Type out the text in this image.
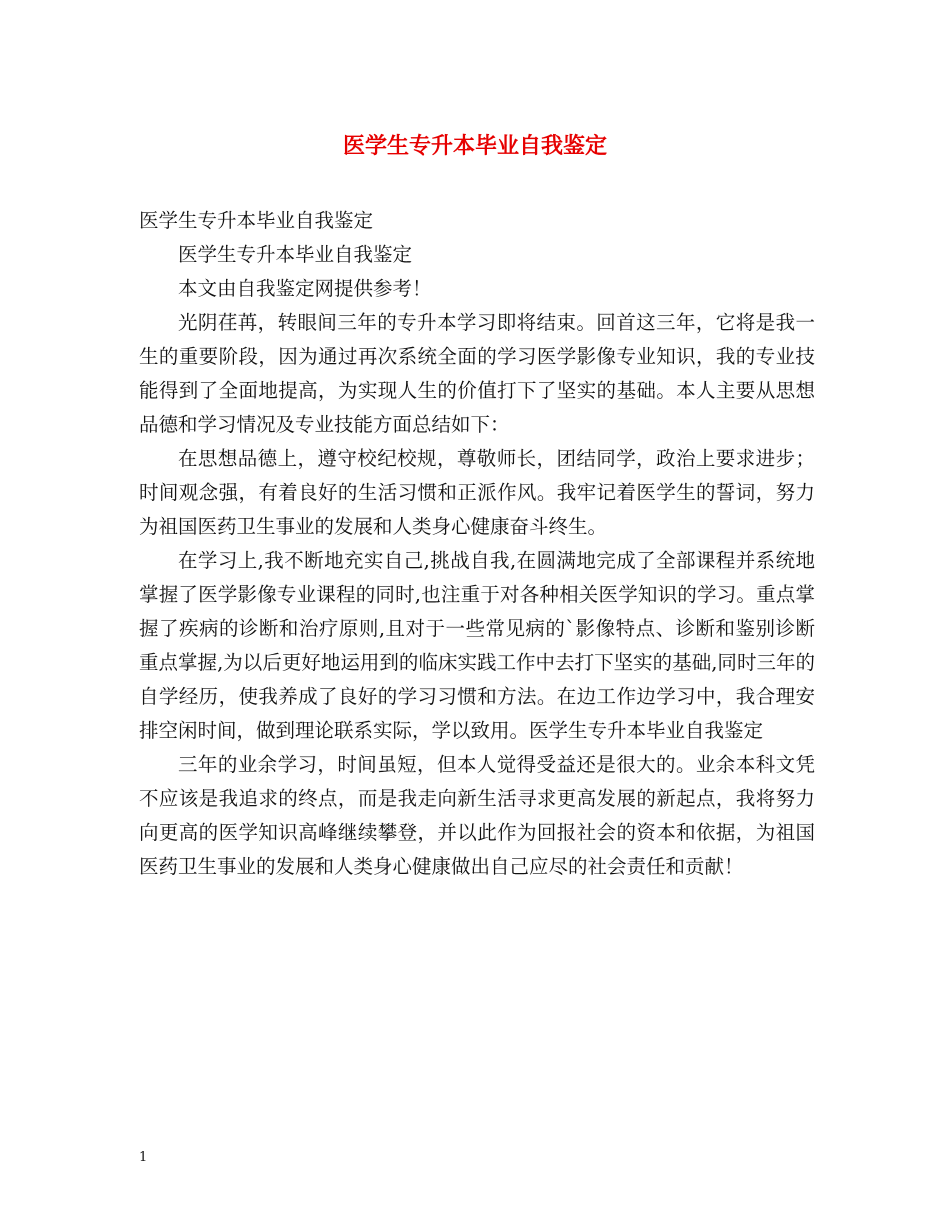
医学生专升本毕业自我鉴定

医学生专升本毕业自我鉴定

医学生专升本毕业自我鉴定

本文由自我鉴定网提供参考！

光阴荏苒，转眼间三年的专升本学习即将结束。回首这三年，它将是我一生的重要阶段，因为通过再次系统全面的学习医学影像专业知识，我的专业技能得到了全面地提高，为实现人生的价值打下了坚实的基础。本人主要从思想品德和学习情况及专业技能方面总结如下：

在思想品德上，遵守校纪校规，尊敬师长，团结同学，政治上要求进步；时间观念强，有着良好的生活习惯和正派作风。我牢记着医学生的誓词，努力为祖国医药卫生事业的发展和人类身心健康奋斗终生。

在学习上,我不断地充实自己,挑战自我,在圆满地完成了全部课程并系统地掌握了医学影像专业课程的同时,也注重于对各种相关医学知识的学习。重点掌握了疾病的诊断和治疗原则,且对于一些常见病的`影像特点、诊断和鉴别诊断重点掌握,为以后更好地运用到的临床实践工作中去打下坚实的基础,同时三年的自学经历，使我养成了良好的学习习惯和方法。在边工作边学习中，我合理安排空闲时间，做到理论联系实际，学以致用。医学生专升本毕业自我鉴定

三年的业余学习，时间虽短，但本人觉得受益还是很大的。业余本科文凭不应该是我追求的终点，而是我走向新生活寻求更高发展的新起点，我将努力向更高的医学知识高峰继续攀登，并以此作为回报社会的资本和依据，为祖国医药卫生事业的发展和人类身心健康做出自己应尽的社会责任和贡献！

1
